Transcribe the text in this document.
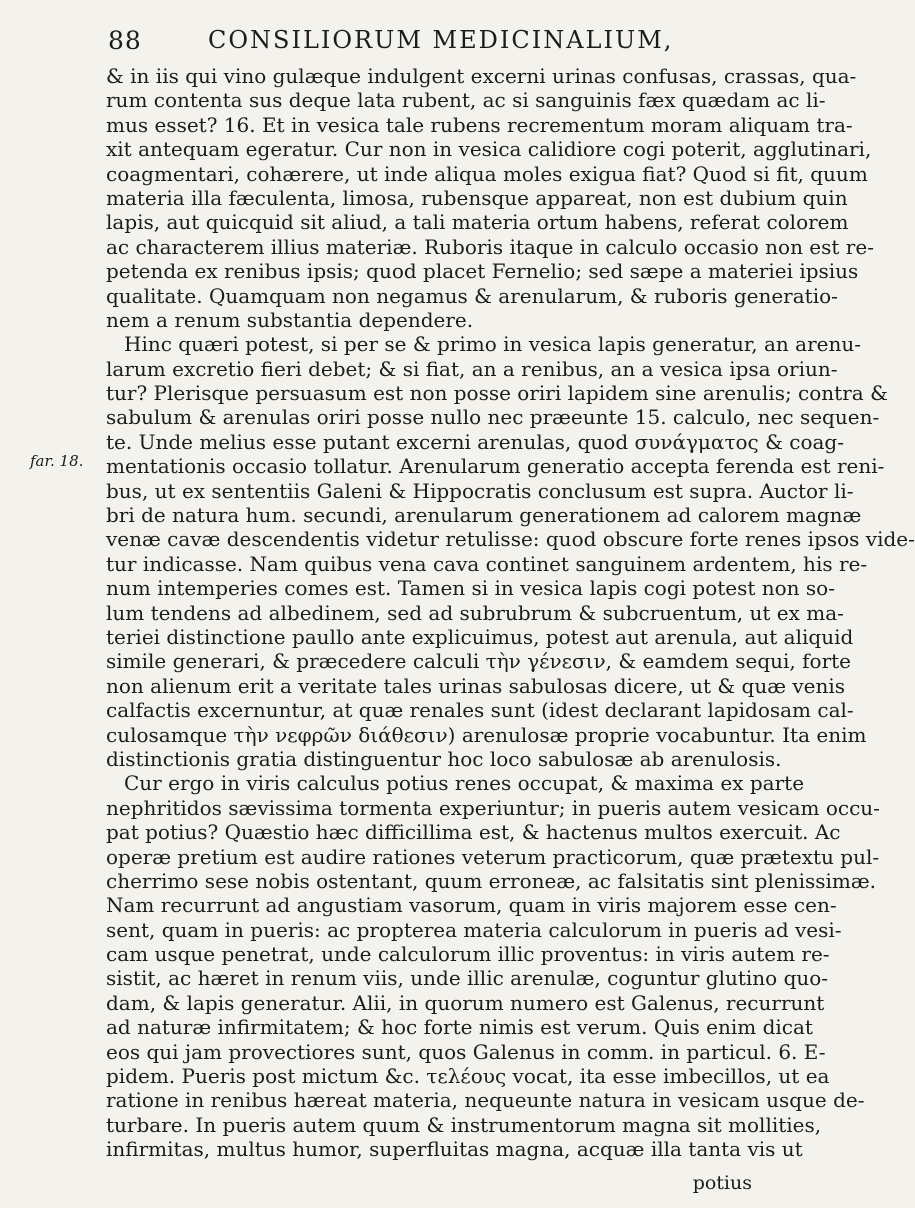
88	CONSILIORUM MEDICINALIUM,
far. 18.
& in iis qui vino gulæque indulgent excerni urinas confusas, crassas, qua-
rum contenta sus deque lata rubent, ac si sanguinis fæx quædam ac li-
mus esset? 16. Et in vesica tale rubens recrementum moram aliquam tra-
xit antequam egeratur. Cur non in vesica calidiore cogi poterit, agglutinari,
coagmentari, cohærere, ut inde aliqua moles exigua fiat? Quod si fit, quum
materia illa fæculenta, limosa, rubensque appareat, non est dubium quin
lapis, aut quicquid sit aliud, a tali materia ortum habens, referat colorem
ac characterem illius materiæ. Ruboris itaque in calculo occasio non est re-
petenda ex renibus ipsis; quod placet Fernelio; sed sæpe a materiei ipsius
qualitate. Quamquam non negamus & arenularum, & ruboris generatio-
nem a renum substantia dependere.
Hinc quæri potest, si per se & primo in vesica lapis generatur, an arenu-
larum excretio fieri debet; & si fiat, an a renibus, an a vesica ipsa oriun-
tur? Plerisque persuasum est non posse oriri lapidem sine arenulis; contra &
sabulum & arenulas oriri posse nullo nec præeunte 15. calculo, nec sequen-
te. Unde melius esse putant excerni arenulas, quod συνάγματος & coag-
mentationis occasio tollatur. Arenularum generatio accepta ferenda est reni-
bus, ut ex sententiis Galeni & Hippocratis conclusum est supra. Auctor li-
bri de natura hum. secundi, arenularum generationem ad calorem magnæ
venæ cavæ descendentis videtur retulisse: quod obscure forte renes ipsos vide-
tur indicasse. Nam quibus vena cava continet sanguinem ardentem, his re-
num intemperies comes est. Tamen si in vesica lapis cogi potest non so-
lum tendens ad albedinem, sed ad subrubrum & subcruentum, ut ex ma-
teriei distinctione paullo ante explicuimus, potest aut arenula, aut aliquid
simile generari, & præcedere calculi τὴν γένεσιν, & eamdem sequi, forte
non alienum erit a veritate tales urinas sabulosas dicere, ut & quæ venis
calfactis excernuntur, at quæ renales sunt (idest declarant lapidosam cal-
culosamque τὴν νεφρῶν διάθεσιν) arenulosæ proprie vocabuntur. Ita enim
distinctionis gratia distinguentur hoc loco sabulosæ ab arenulosis.
Cur ergo in viris calculus potius renes occupat, & maxima ex parte
nephritidos sævissima tormenta experiuntur; in pueris autem vesicam occu-
pat potius? Quæstio hæc difficillima est, & hactenus multos exercuit. Ac
operæ pretium est audire rationes veterum practicorum, quæ prætextu pul-
cherrimo sese nobis ostentant, quum erroneæ, ac falsitatis sint plenissimæ.
Nam recurrunt ad angustiam vasorum, quam in viris majorem esse cen-
sent, quam in pueris: ac propterea materia calculorum in pueris ad vesi-
cam usque penetrat, unde calculorum illic proventus: in viris autem re-
sistit, ac hæret in renum viis, unde illic arenulæ, coguntur glutino quo-
dam, & lapis generatur. Alii, in quorum numero est Galenus, recurrunt
ad naturæ infirmitatem; & hoc forte nimis est verum. Quis enim dicat
eos qui jam provectiores sunt, quos Galenus in comm. in particul. 6. E-
pidem. Pueris post mictum &c. τελέους vocat, ita esse imbecillos, ut ea
ratione in renibus hæreat materia, nequeunte natura in vesicam usque de-
turbare. In pueris autem quum & instrumentorum magna sit mollities,
infirmitas, multus humor, superfluitas magna, acquæ illa tanta vis ut
potius
